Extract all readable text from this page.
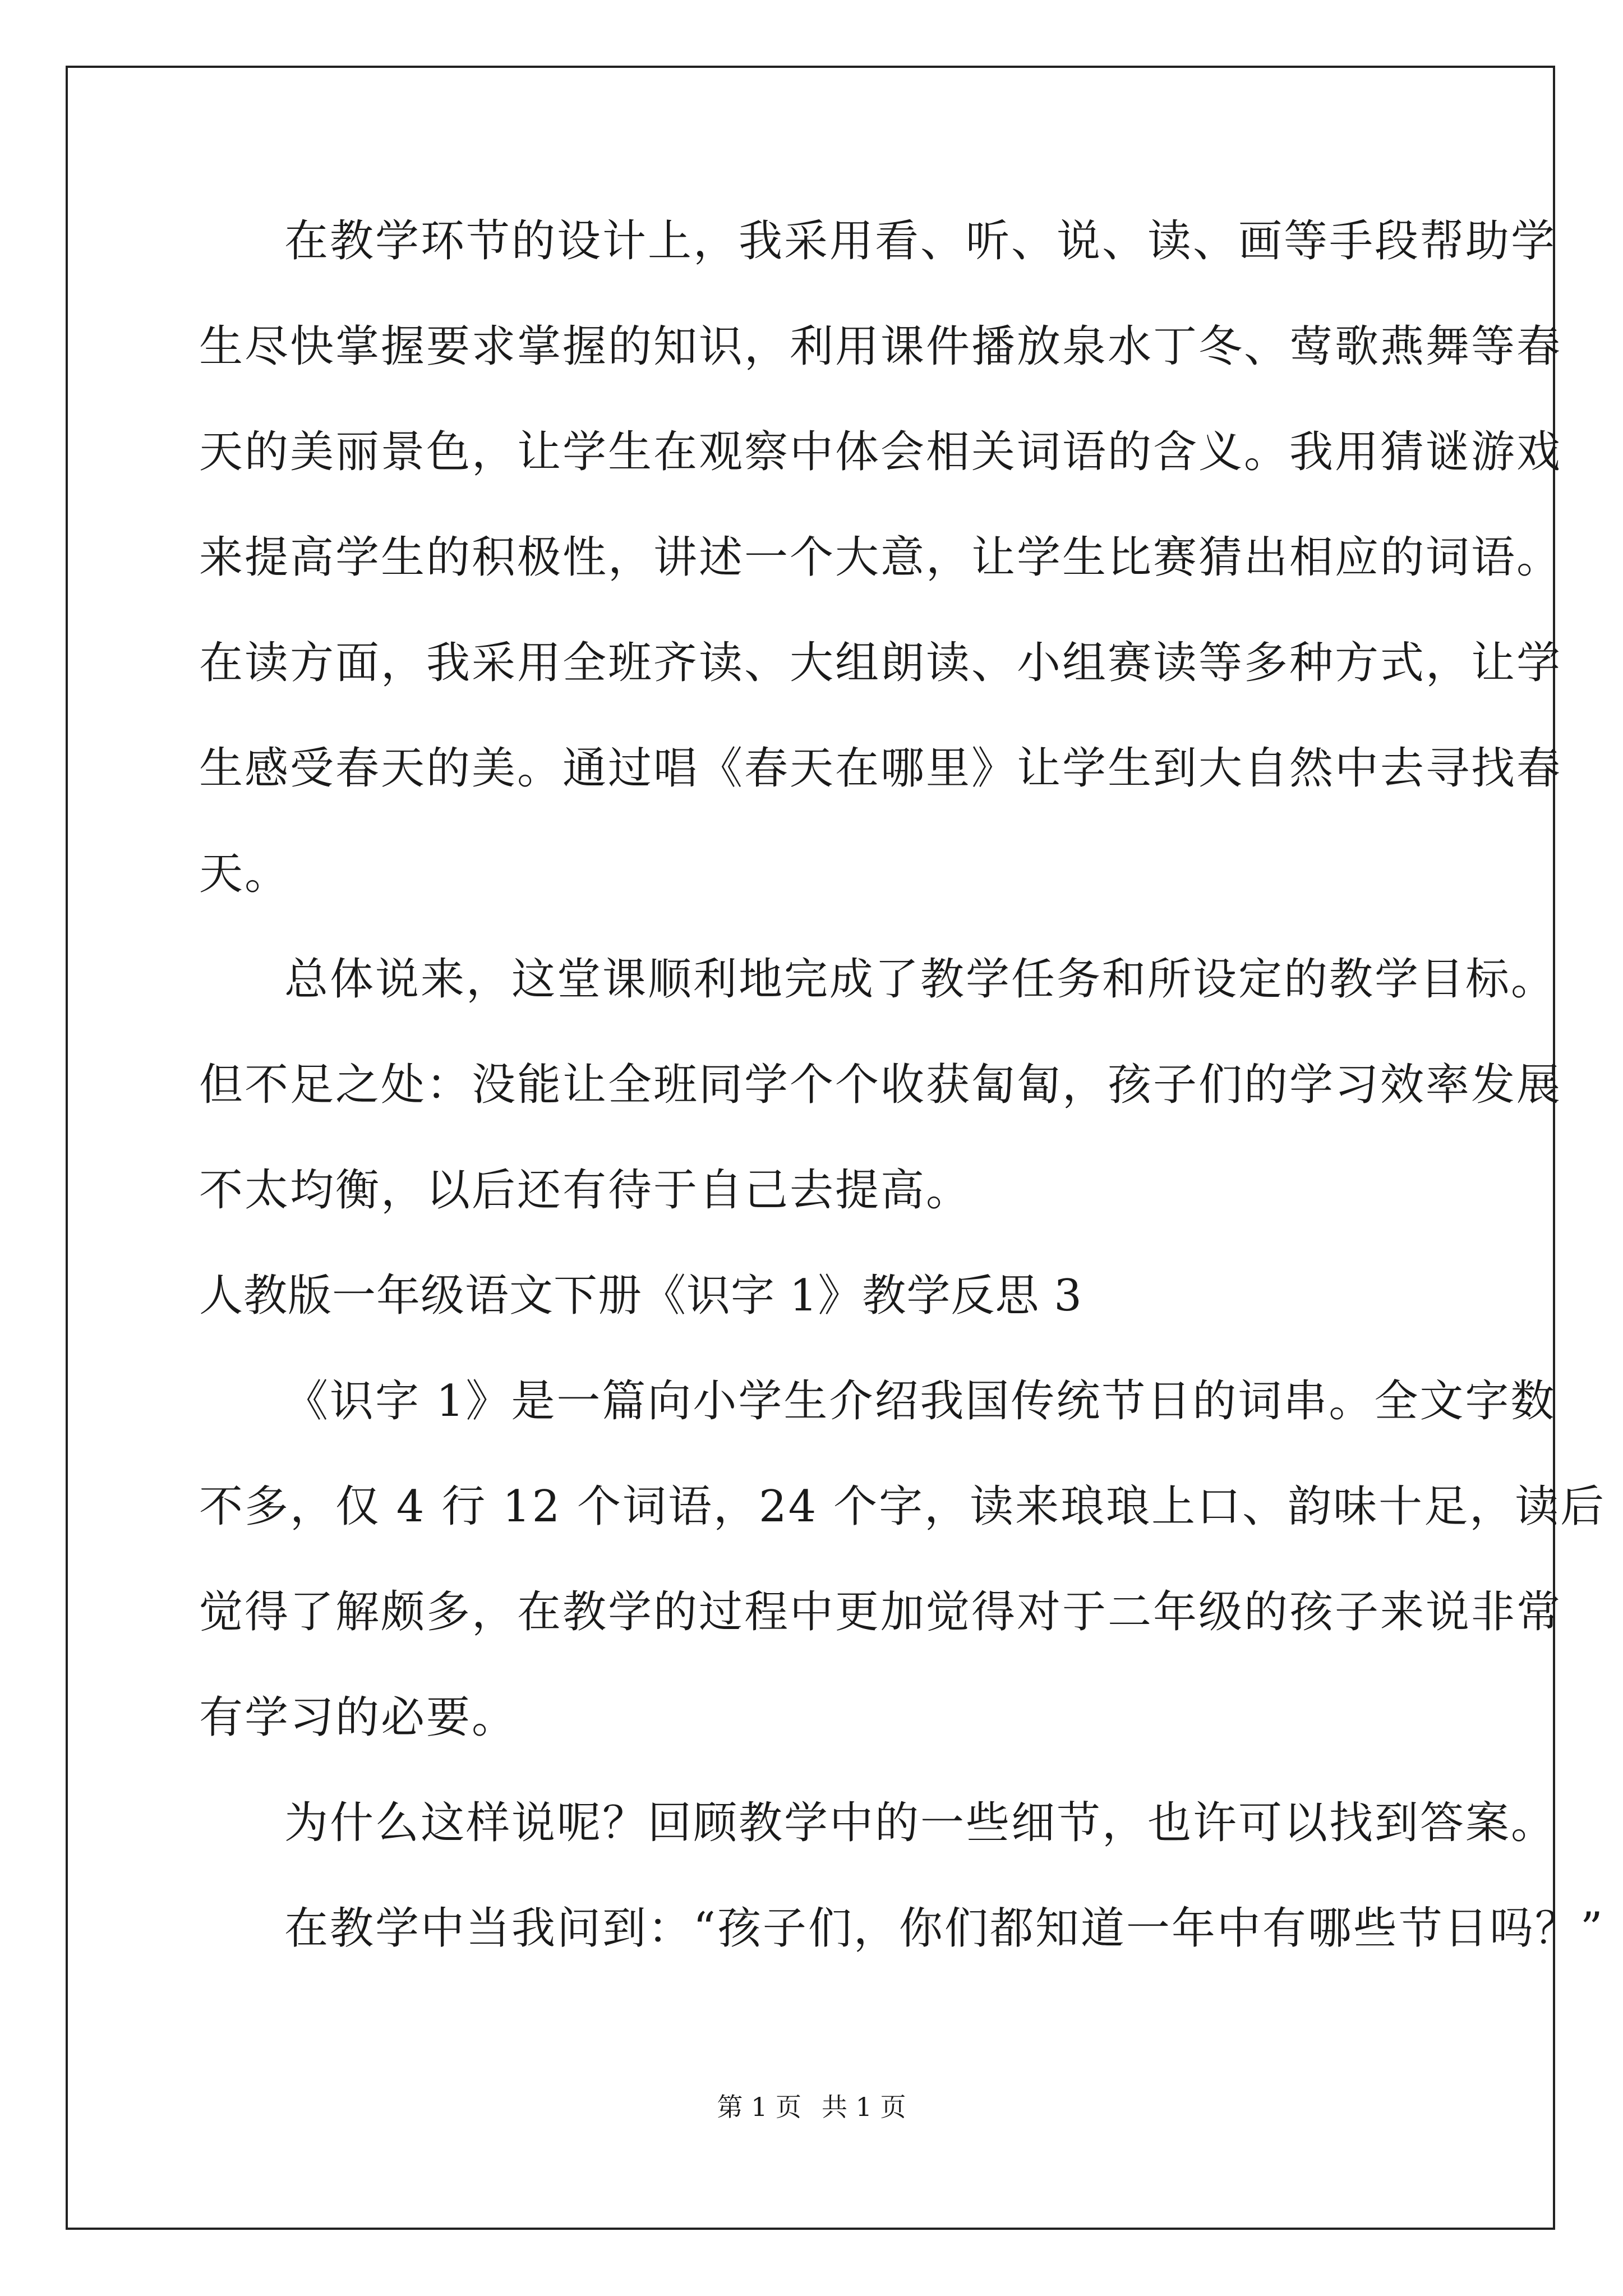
在教学环节的设计上，我采用看、听、说、读、画等手段帮助学
生尽快掌握要求掌握的知识，利用课件播放泉水丁冬、莺歌燕舞等春
天的美丽景色，让学生在观察中体会相关词语的含义。我用猜谜游戏
来提高学生的积极性，讲述一个大意，让学生比赛猜出相应的词语。
在读方面，我采用全班齐读、大组朗读、小组赛读等多种方式，让学
生感受春天的美。通过唱《春天在哪里》让学生到大自然中去寻找春
天。
总体说来，这堂课顺利地完成了教学任务和所设定的教学目标。
但不足之处：没能让全班同学个个收获匐匐，孩子们的学习效率发展
不太均衡，以后还有待于自己去提高。
人教版一年级语文下册《识字 1》教学反思 3
《识字 1》是一篇向小学生介绍我国传统节日的词串。全文字数
不多，仅 4 行 12 个词语，24 个字，读来琅琅上口、韵味十足，读后
觉得了解颇多，在教学的过程中更加觉得对于二年级的孩子来说非常
有学习的必要。
为什么这样说呢？回顾教学中的一些细节，也许可以找到答案。
在教学中当我问到：“孩子们，你们都知道一年中有哪些节日吗？”
第 1 页 共 1 页
